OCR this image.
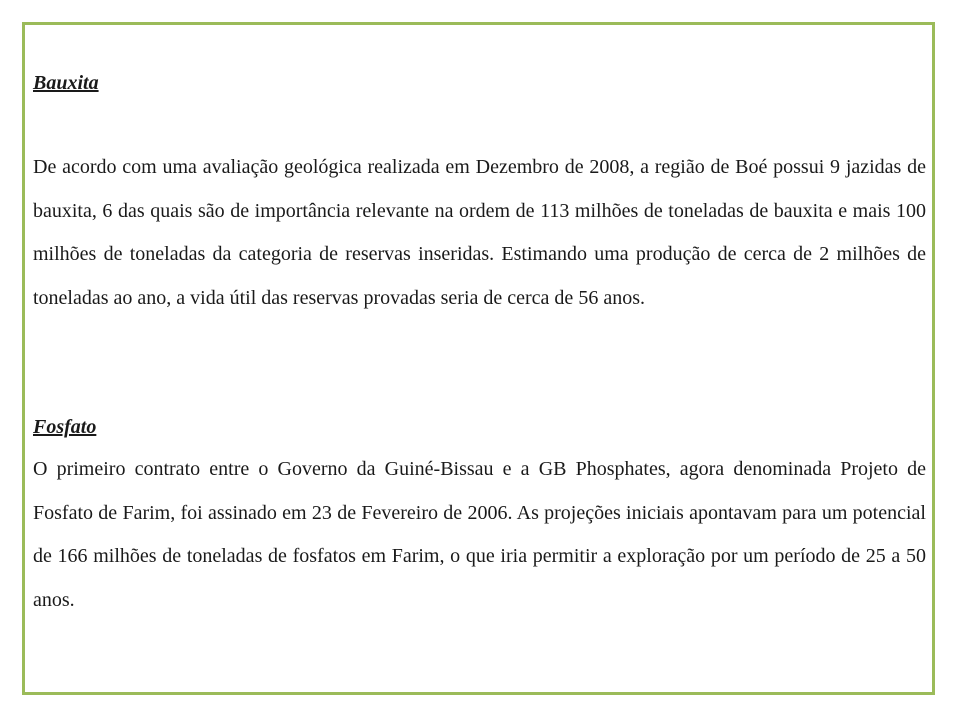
Bauxita

De acordo com uma avaliação geológica realizada em Dezembro de 2008, a região de Boé possui 9 jazidas de bauxita, 6 das quais são de importância relevante na ordem de 113 milhões de toneladas de bauxita e mais 100 milhões de toneladas da categoria de reservas inseridas. Estimando uma produção de cerca de 2 milhões de toneladas ao ano, a vida útil das reservas provadas seria de cerca de 56 anos.

Fosfato

O primeiro contrato entre o Governo da Guiné-Bissau e a GB Phosphates, agora denominada Projeto de Fosfato de Farim, foi assinado em 23 de Fevereiro de 2006. As projeções iniciais apontavam para um potencial de 166 milhões de toneladas de fosfatos em Farim, o que iria permitir a exploração por um período de 25 a 50 anos.
